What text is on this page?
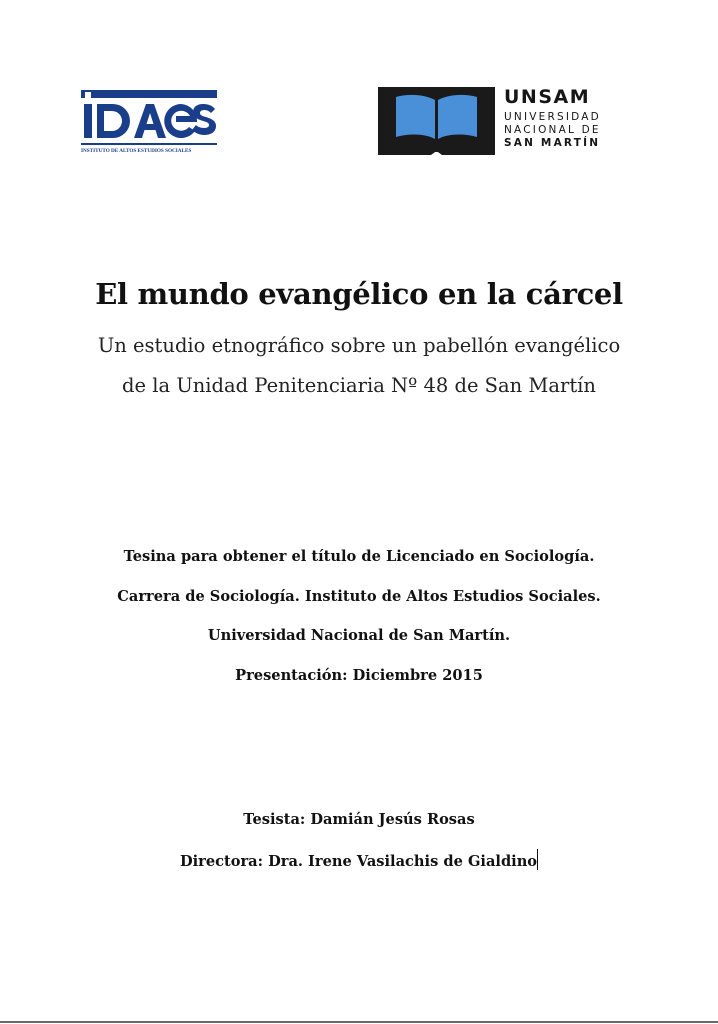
INSTITUTO DE ALTOS ESTUDIOS SOCIALES
UNSAM
UNIVERSIDAD
NACIONAL DE
SAN MARTÍN
El mundo evangélico en la cárcel
Un estudio etnográfico sobre un pabellón evangélico
de la Unidad Penitenciaria Nº 48 de San Martín
Tesina para obtener el título de Licenciado en Sociología.
Carrera de Sociología. Instituto de Altos Estudios Sociales.
Universidad Nacional de San Martín.
Presentación: Diciembre 2015
Tesista: Damián Jesús Rosas
Directora: Dra. Irene Vasilachis de Gialdino
